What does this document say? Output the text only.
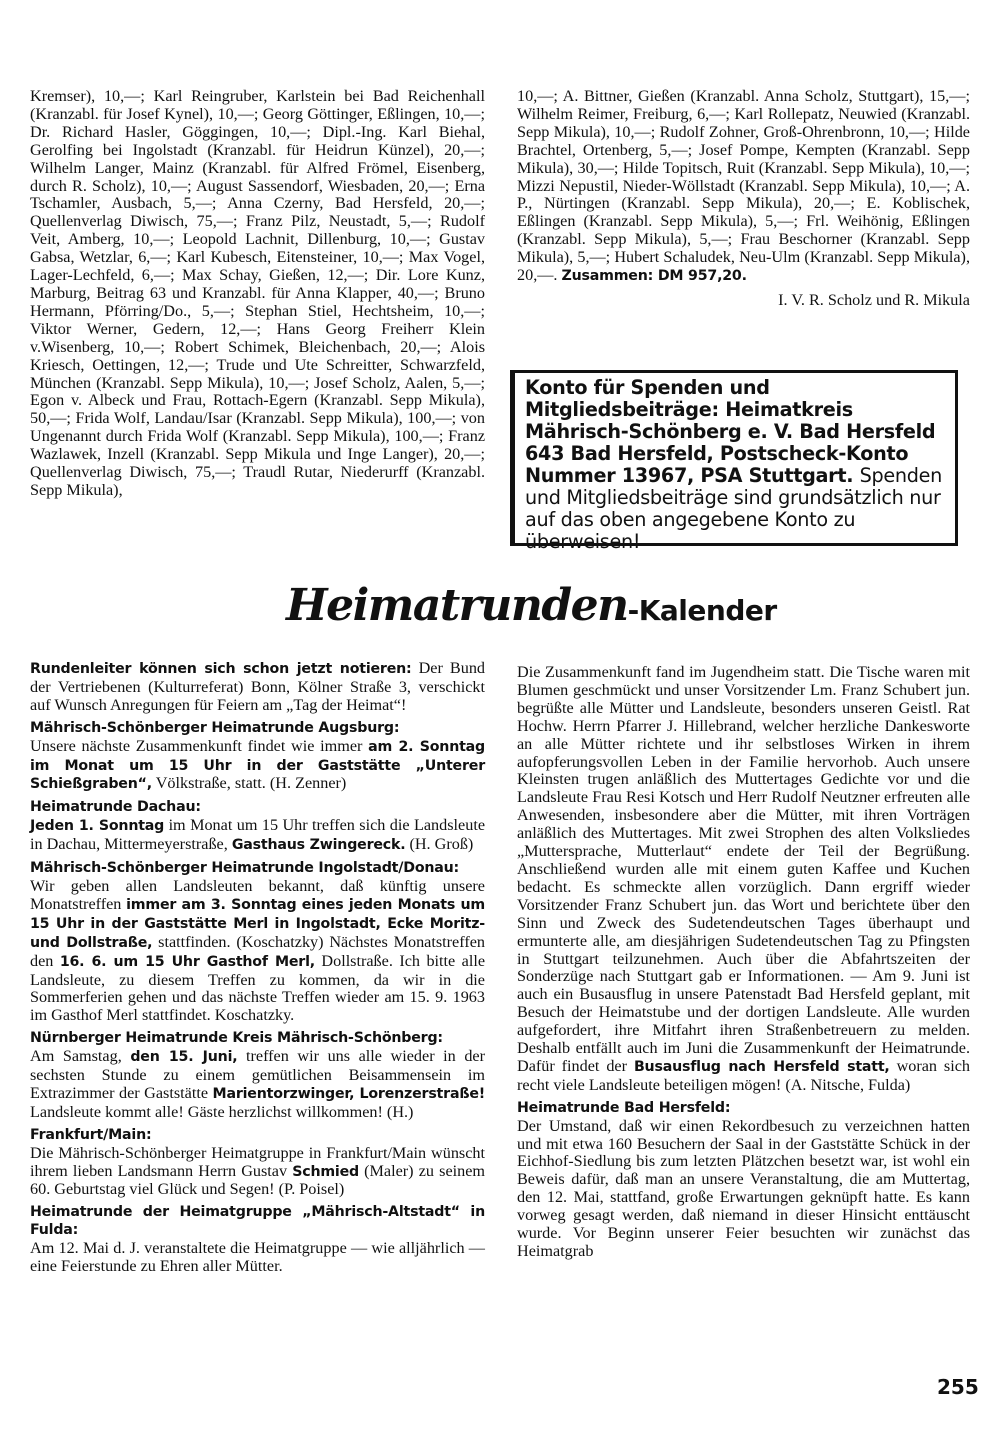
Kremser), 10,—; Karl Reingruber, Karlstein bei Bad Reichenhall (Kranzabl. für Josef Kynel), 10,—; Georg Göttinger, Eßlingen, 10,—; Dr. Richard Hasler, Göggingen, 10,—; Dipl.-Ing. Karl Biehal, Gerolfing bei Ingolstadt (Kranzabl. für Heidrun Künzel), 20,—; Wilhelm Langer, Mainz (Kranzabl. für Alfred Frömel, Eisenberg, durch R. Scholz), 10,—; August Sassendorf, Wiesbaden, 20,—; Erna Tschamler, Ausbach, 5,—; Anna Czerny, Bad Hersfeld, 20,—; Quellenverlag Diwisch, 75,—; Franz Pilz, Neustadt, 5,—; Rudolf Veit, Amberg, 10,—; Leopold Lachnit, Dillenburg, 10,—; Gustav Gabsa, Wetzlar, 6,—; Karl Kubesch, Eitensteiner, 10,—; Max Vogel, Lager-Lechfeld, 6,—; Max Schay, Gießen, 12,—; Dir. Lore Kunz, Marburg, Beitrag 63 und Kranzabl. für Anna Klapper, 40,—; Bruno Hermann, Pförring/Do., 5,—; Stephan Stiel, Hechtsheim, 10,—; Viktor Werner, Gedern, 12,—; Hans Georg Freiherr Klein v.Wisenberg, 10,—; Robert Schimek, Bleichenbach, 20,—; Alois Kriesch, Oettingen, 12,—; Trude und Ute Schreitter, Schwarzfeld, München (Kranzabl. Sepp Mikula), 10,—; Josef Scholz, Aalen, 5,—; Egon v. Albeck und Frau, Rottach-Egern (Kranzabl. Sepp Mikula), 50,—; Frida Wolf, Landau/Isar (Kranzabl. Sepp Mikula), 100,—; von Ungenannt durch Frida Wolf (Kranzabl. Sepp Mikula), 100,—; Franz Wazlawek, Inzell (Kranzabl. Sepp Mikula und Inge Langer), 20,—; Quellenverlag Diwisch, 75,—; Traudl Rutar, Niederurff (Kranzabl. Sepp Mikula),

10,—; A. Bittner, Gießen (Kranzabl. Anna Scholz, Stuttgart), 15,—; Wilhelm Reimer, Freiburg, 6,—; Karl Rollepatz, Neuwied (Kranzabl. Sepp Mikula), 10,—; Rudolf Zohner, Groß-Ohrenbronn, 10,—; Hilde Brachtel, Ortenberg, 5,—; Josef Pompe, Kempten (Kranzabl. Sepp Mikula), 30,—; Hilde Topitsch, Ruit (Kranzabl. Sepp Mikula), 10,—; Mizzi Nepustil, Nieder-Wöllstadt (Kranzabl. Sepp Mikula), 10,—; A. P., Nürtingen (Kranzabl. Sepp Mikula), 20,—; E. Koblischek, Eßlingen (Kranzabl. Sepp Mikula), 5,—; Frl. Weihönig, Eßlingen (Kranzabl. Sepp Mikula), 5,—; Frau Beschorner (Kranzabl. Sepp Mikula), 5,—; Hubert Schaludek, Neu-Ulm (Kranzabl. Sepp Mikula), 20,—. Zusammen: DM 957,20.

I. V. R. Scholz und R. Mikula

Konto für Spenden und Mitgliedsbeiträge: Heimatkreis Mährisch-Schönberg e. V. Bad Hersfeld 643 Bad Hersfeld, Postscheck-Konto Nummer 13967, PSA Stuttgart. Spenden und Mitgliedsbeiträge sind grundsätzlich nur auf das oben angegebene Konto zu überweisen!
Heimatrunden-Kalender

Rundenleiter können sich schon jetzt notieren: Der Bund der Vertriebenen (Kulturreferat) Bonn, Kölner Straße 3, verschickt auf Wunsch Anregungen für Feiern am „Tag der Heimat“!

Mährisch-Schönberger Heimatrunde Augsburg:

Unsere nächste Zusammenkunft findet wie immer am 2. Sonntag im Monat um 15 Uhr in der Gaststätte „Unterer Schießgraben“, Völkstraße, statt. (H. Zenner)

Heimatrunde Dachau:

Jeden 1. Sonntag im Monat um 15 Uhr treffen sich die Landsleute in Dachau, Mittermeyerstraße, Gasthaus Zwingereck. (H. Groß)

Mährisch-Schönberger Heimatrunde Ingolstadt/Donau:

Wir geben allen Landsleuten bekannt, daß künftig unsere Monatstreffen immer am 3. Sonntag eines jeden Monats um 15 Uhr in der Gaststätte Merl in Ingolstadt, Ecke Moritz- und Dollstraße, stattfinden. (Koschatzky) Nächstes Monatstreffen den 16. 6. um 15 Uhr Gasthof Merl, Dollstraße. Ich bitte alle Landsleute, zu diesem Treffen zu kommen, da wir in die Sommerferien gehen und das nächste Treffen wieder am 15. 9. 1963 im Gasthof Merl stattfindet. Koschatzky.

Nürnberger Heimatrunde Kreis Mährisch-Schönberg:

Am Samstag, den 15. Juni, treffen wir uns alle wieder in der sechsten Stunde zu einem gemütlichen Beisammensein im Extrazimmer der Gaststätte Marientorzwinger, Lorenzerstraße! Landsleute kommt alle! Gäste herzlichst willkommen! (H.)

Frankfurt/Main:

Die Mährisch-Schönberger Heimatgruppe in Frankfurt/Main wünscht ihrem lieben Landsmann Herrn Gustav Schmied (Maler) zu seinem 60. Geburtstag viel Glück und Segen! (P. Poisel)

Heimatrunde der Heimatgruppe „Mährisch-Altstadt“ in Fulda:

Am 12. Mai d. J. veranstaltete die Heimatgruppe — wie alljährlich — eine Feierstunde zu Ehren aller Mütter.

Die Zusammenkunft fand im Jugendheim statt. Die Tische waren mit Blumen geschmückt und unser Vorsitzender Lm. Franz Schubert jun. begrüßte alle Mütter und Landsleute, besonders unseren Geistl. Rat Hochw. Herrn Pfarrer J. Hillebrand, welcher herzliche Dankesworte an alle Mütter richtete und ihr selbstloses Wirken in ihrem aufopferungsvollen Leben in der Familie hervorhob. Auch unsere Kleinsten trugen anläßlich des Muttertages Gedichte vor und die Landsleute Frau Resi Kotsch und Herr Rudolf Neutzner erfreuten alle Anwesenden, insbesondere aber die Mütter, mit ihren Vorträgen anläßlich des Muttertages. Mit zwei Strophen des alten Volksliedes „Muttersprache, Mutterlaut“ endete der Teil der Begrüßung. Anschließend wurden alle mit einem guten Kaffee und Kuchen bedacht. Es schmeckte allen vorzüglich. Dann ergriff wieder Vorsitzender Franz Schubert jun. das Wort und berichtete über den Sinn und Zweck des Sudetendeutschen Tages überhaupt und ermunterte alle, am diesjährigen Sudetendeutschen Tag zu Pfingsten in Stuttgart teilzunehmen. Auch über die Abfahrtszeiten der Sonderzüge nach Stuttgart gab er Informationen. — Am 9. Juni ist auch ein Busausflug in unsere Patenstadt Bad Hersfeld geplant, mit Besuch der Heimatstube und der dortigen Landsleute. Alle wurden aufgefordert, ihre Mitfahrt ihren Straßenbetreuern zu melden. Deshalb entfällt auch im Juni die Zusammenkunft der Heimatrunde. Dafür findet der Busausflug nach Hersfeld statt, woran sich recht viele Landsleute beteiligen mögen! (A. Nitsche, Fulda)

Heimatrunde Bad Hersfeld:

Der Umstand, daß wir einen Rekordbesuch zu verzeichnen hatten und mit etwa 160 Besuchern der Saal in der Gaststätte Schück in der Eichhof-Siedlung bis zum letzten Plätzchen besetzt war, ist wohl ein Beweis dafür, daß man an unsere Veranstaltung, die am Muttertag, den 12. Mai, stattfand, große Erwartungen geknüpft hatte. Es kann vorweg gesagt werden, daß niemand in dieser Hinsicht enttäuscht wurde. Vor Beginn unserer Feier besuchten wir zunächst das Heimatgrab

255
